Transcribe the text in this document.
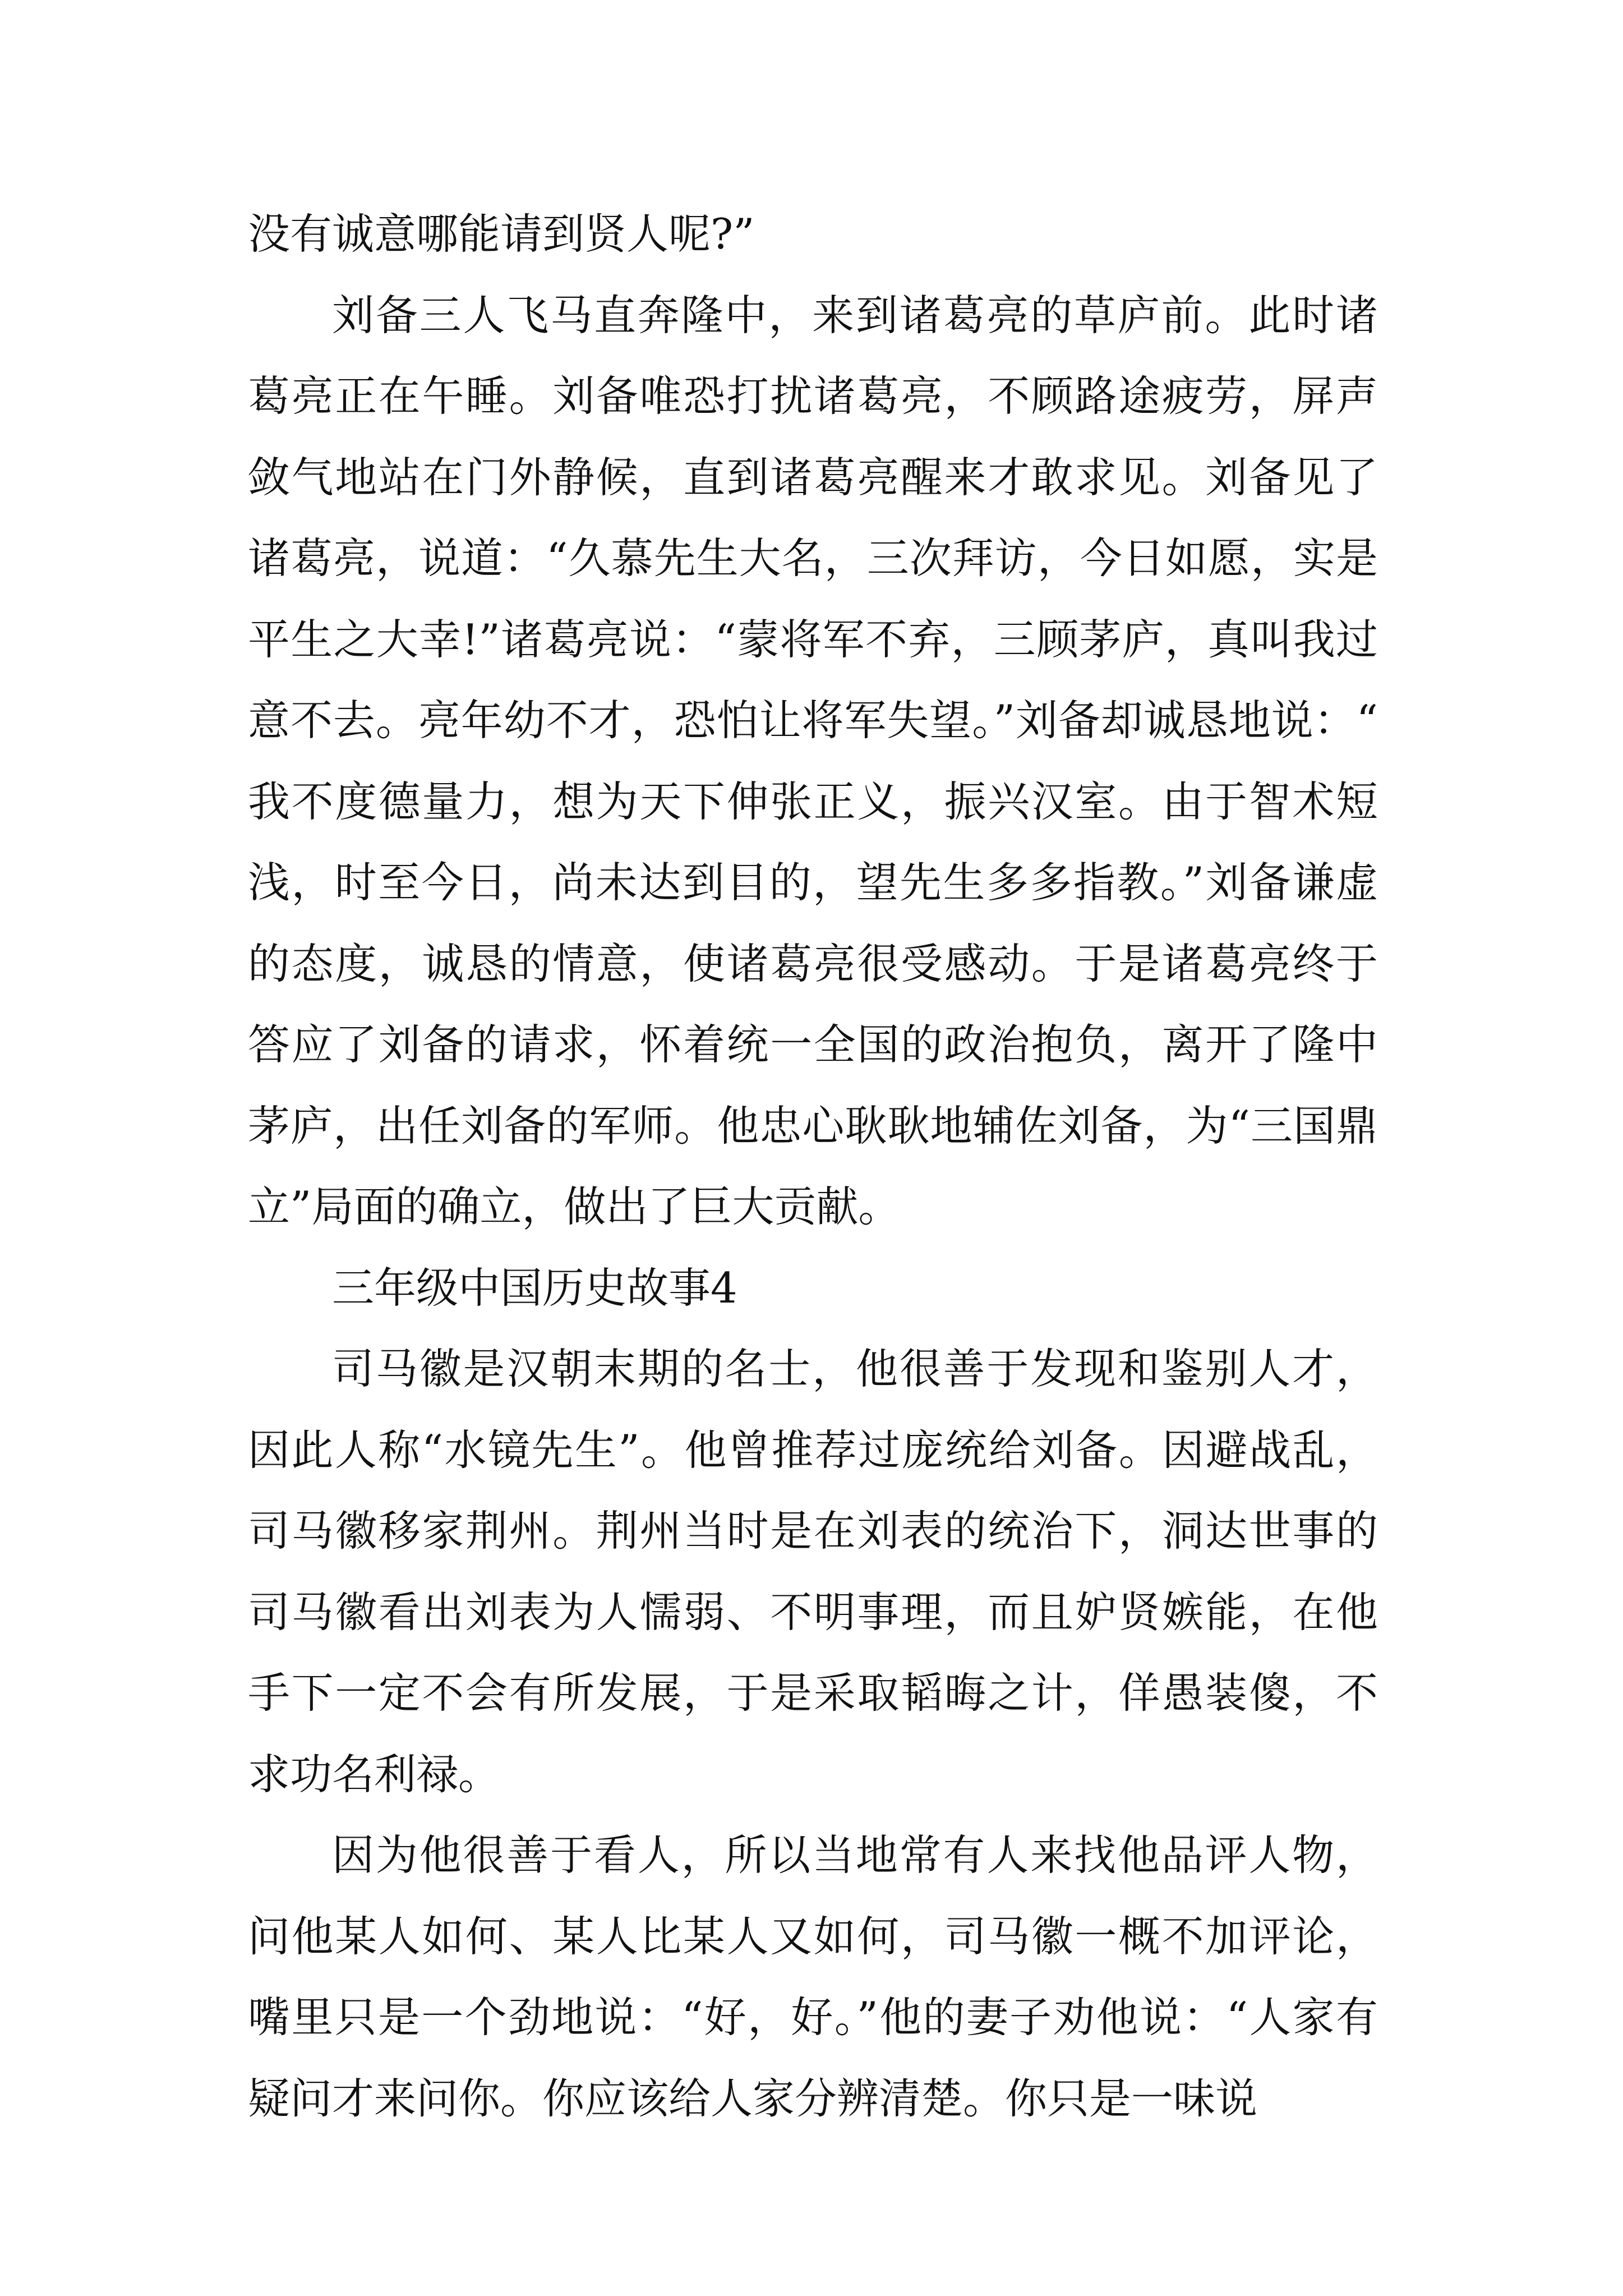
没有诚意哪能请到贤人呢?”

刘备三人飞马直奔隆中，来到诸葛亮的草庐前。此时诸葛亮正在午睡。刘备唯恐打扰诸葛亮，不顾路途疲劳，屏声敛气地站在门外静候，直到诸葛亮醒来才敢求见。刘备见了诸葛亮，说道：“久慕先生大名，三次拜访，今日如愿，实是平生之大幸!”诸葛亮说：“蒙将军不弃，三顾茅庐，真叫我过意不去。亮年幼不才，恐怕让将军失望。”刘备却诚恳地说：“我不度德量力，想为天下伸张正义，振兴汉室。由于智术短浅，时至今日，尚未达到目的，望先生多多指教。”刘备谦虚的态度，诚恳的情意，使诸葛亮很受感动。于是诸葛亮终于答应了刘备的请求，怀着统一全国的政治抱负，离开了隆中茅庐，出任刘备的军师。他忠心耿耿地辅佐刘备，为“三国鼎立”局面的确立，做出了巨大贡献。

三年级中国历史故事4

司马徽是汉朝末期的名士，他很善于发现和鉴别人才，因此人称“水镜先生”。他曾推荐过庞统给刘备。因避战乱，司马徽移家荆州。荆州当时是在刘表的统治下，洞达世事的司马徽看出刘表为人懦弱、不明事理，而且妒贤嫉能，在他手下一定不会有所发展，于是采取韬晦之计，佯愚装傻，不求功名利禄。

因为他很善于看人，所以当地常有人来找他品评人物，问他某人如何、某人比某人又如何，司马徽一概不加评论，嘴里只是一个劲地说：“好，好。”他的妻子劝他说：“人家有疑问才来问你。你应该给人家分辨清楚。你只是一味说
